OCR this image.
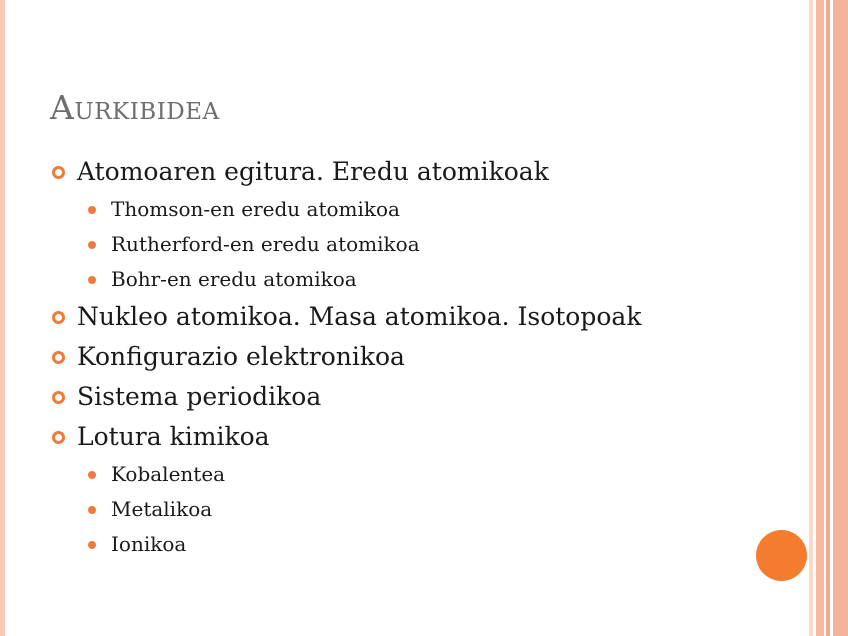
Aurkibidea
Atomoaren egitura. Eredu atomikoak
Thomson-en eredu atomikoa
Rutherford-en eredu atomikoa
Bohr-en eredu atomikoa
Nukleo atomikoa. Masa atomikoa. Isotopoak
Konfigurazio elektronikoa
Sistema periodikoa
Lotura kimikoa
Kobalentea
Metalikoa
Ionikoa
